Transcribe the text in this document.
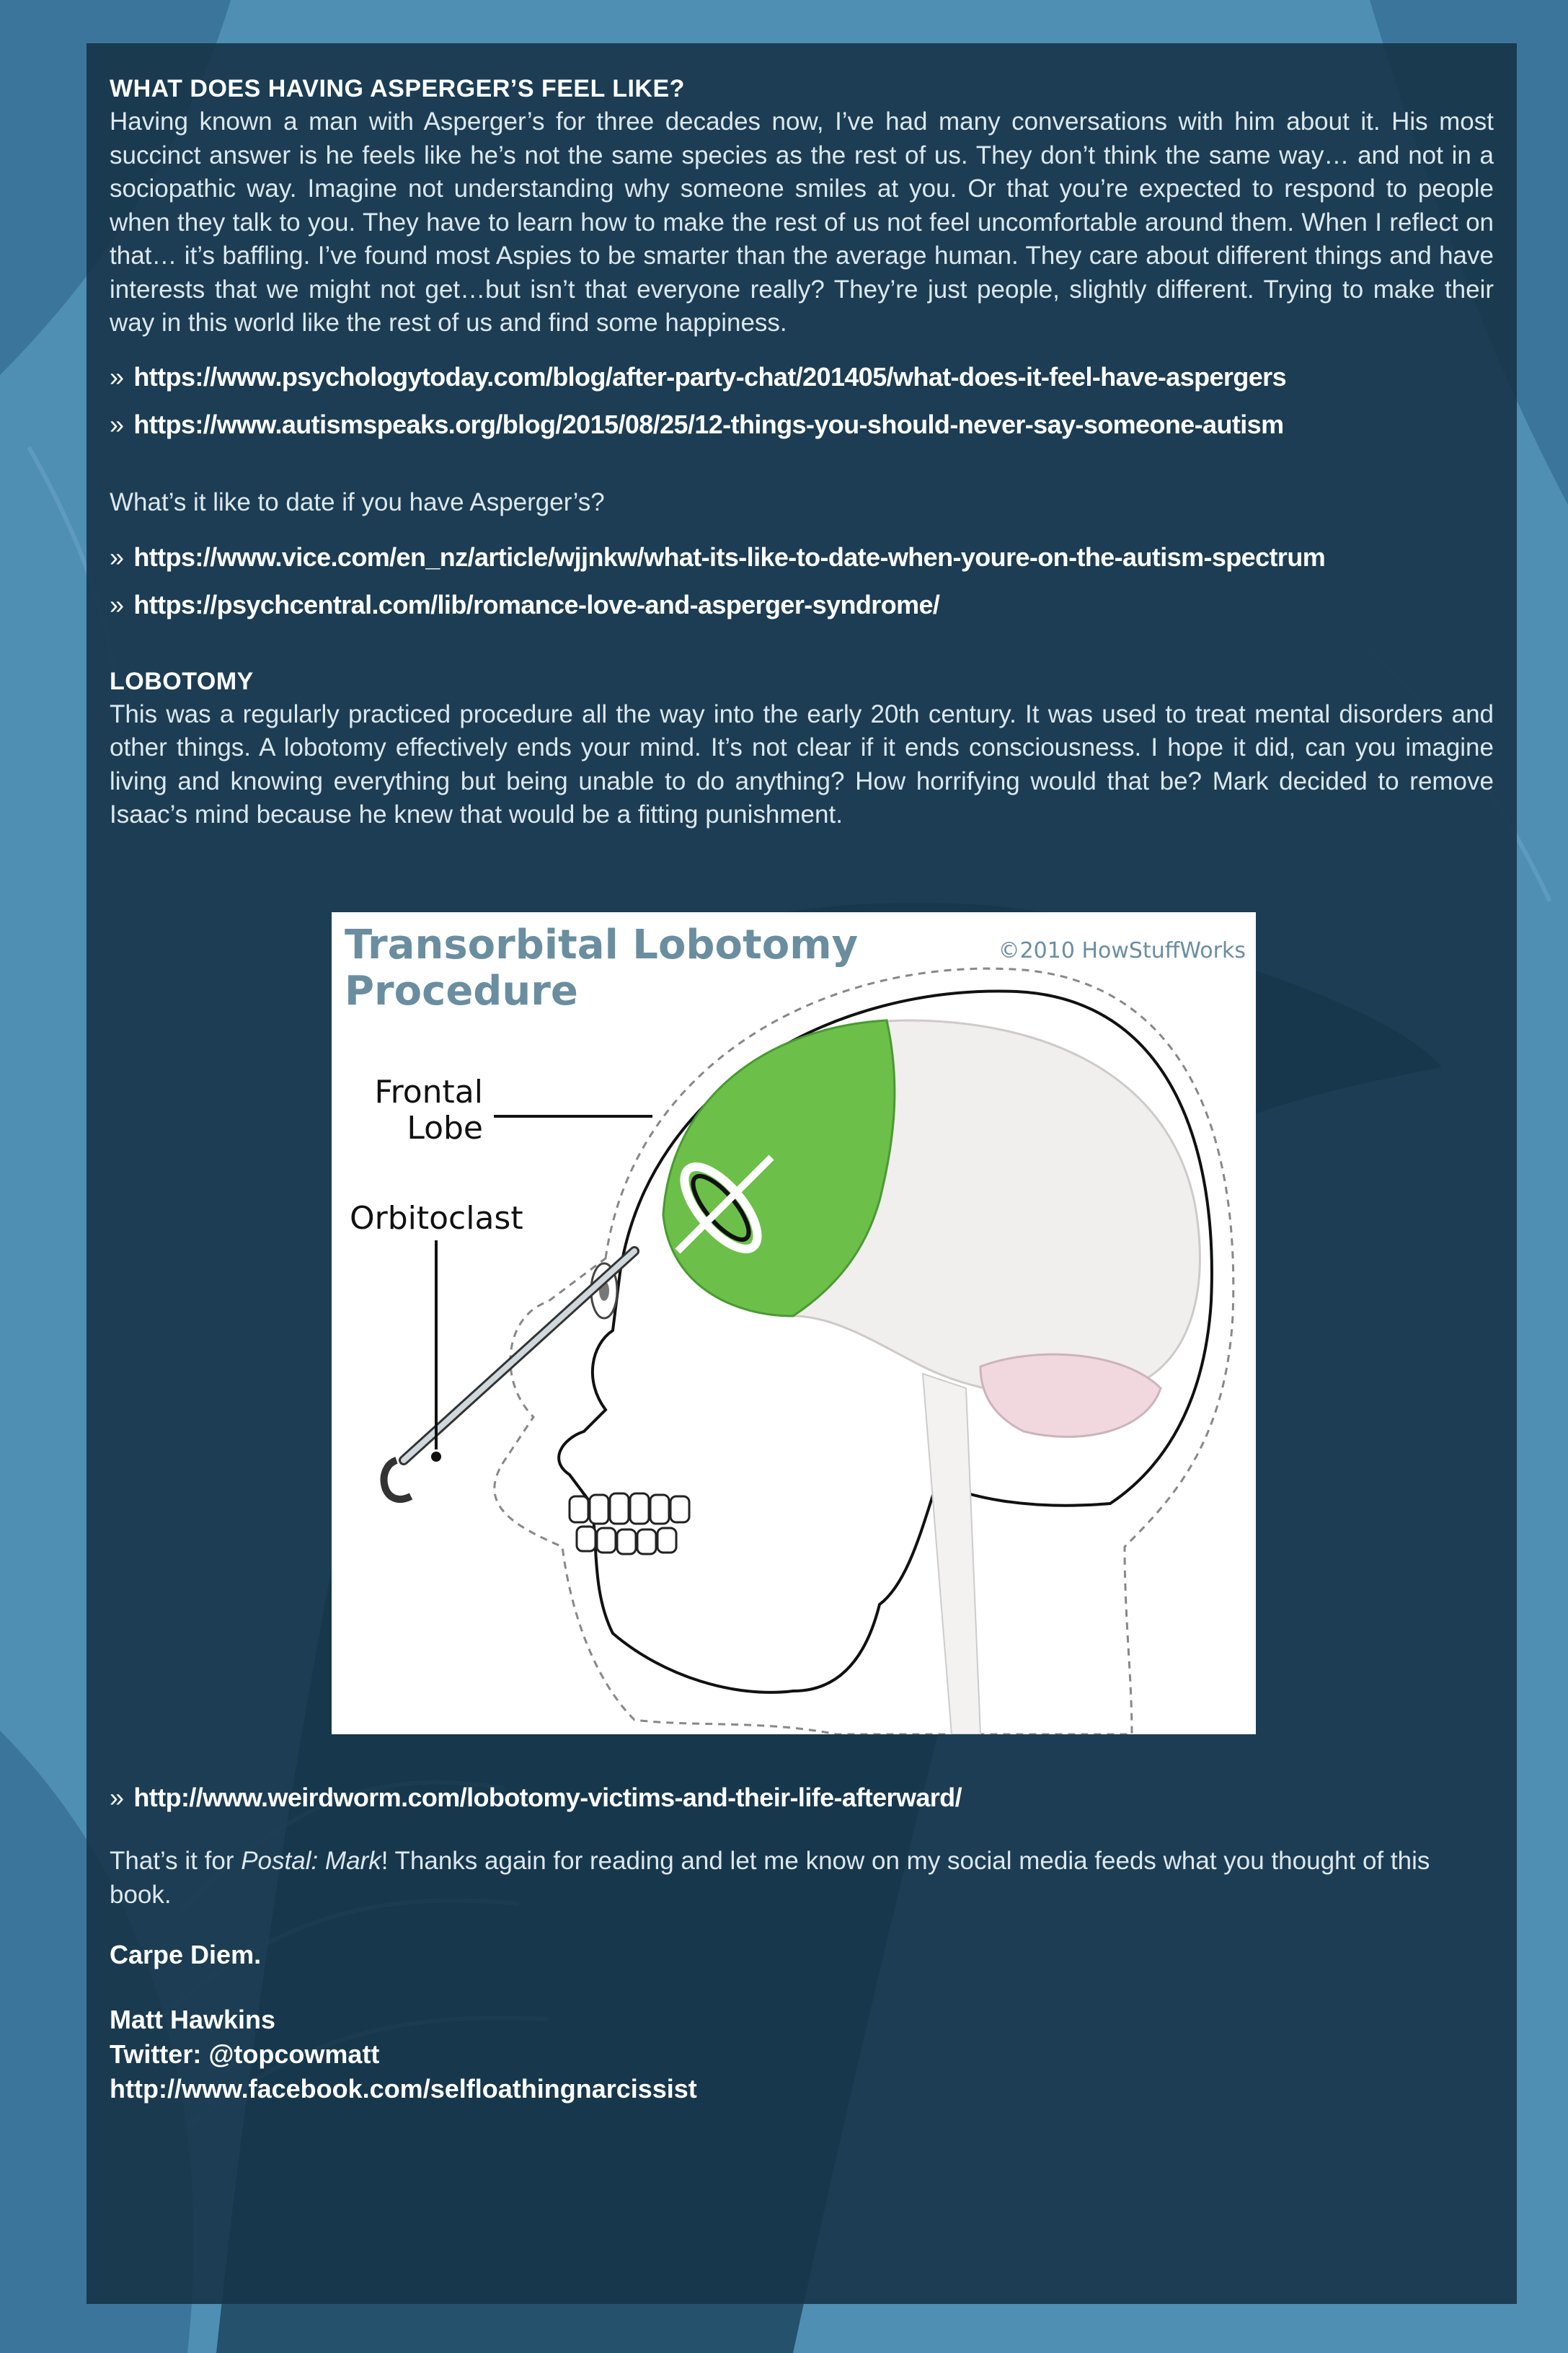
WHAT DOES HAVING ASPERGER’S FEEL LIKE?

Having known a man with Asperger’s for three decades now, I’ve had many conversations with him about it. His most succinct answer is he feels like he’s not the same species as the rest of us. They don’t think the same way… and not in a sociopathic way. Imagine not understanding why someone smiles at you. Or that you’re expected to respond to people when they talk to you. They have to learn how to make the rest of us not feel uncomfortable around them. When I reflect on that… it’s baffling. I’ve found most Aspies to be smarter than the average human. They care about different things and have interests that we might not get…but isn’t that everyone really? They’re just people, slightly different. Trying to make their way in this world like the rest of us and find some happiness.

» https://www.psychologytoday.com/blog/after-party-chat/201405/what-does-it-feel-have-aspergers

» https://www.autismspeaks.org/blog/2015/08/25/12-things-you-should-never-say-someone-autism

What’s it like to date if you have Asperger’s?

» https://www.vice.com/en_nz/article/wjjnkw/what-its-like-to-date-when-youre-on-the-autism-spectrum

» https://psychcentral.com/lib/romance-love-and-asperger-syndrome/

LOBOTOMY

This was a regularly practiced procedure all the way into the early 20th century. It was used to treat mental disorders and other things. A lobotomy effectively ends your mind. It’s not clear if it ends consciousness. I hope it did, can you imagine living and knowing everything but being unable to do anything? How horrifying would that be? Mark decided to remove Isaac’s mind because he knew that would be a fitting punishment.

Transorbital Lobotomy
Procedure

©2010 HowStuffWorks

Frontal
Lobe

Orbitoclast

» http://www.weirdworm.com/lobotomy-victims-and-their-life-afterward/

That’s it for Postal: Mark! Thanks again for reading and let me know on my social media feeds what you thought of this book.

Carpe Diem.

Matt Hawkins

Twitter: @topcowmatt

http://www.facebook.com/selfloathingnarcissist
